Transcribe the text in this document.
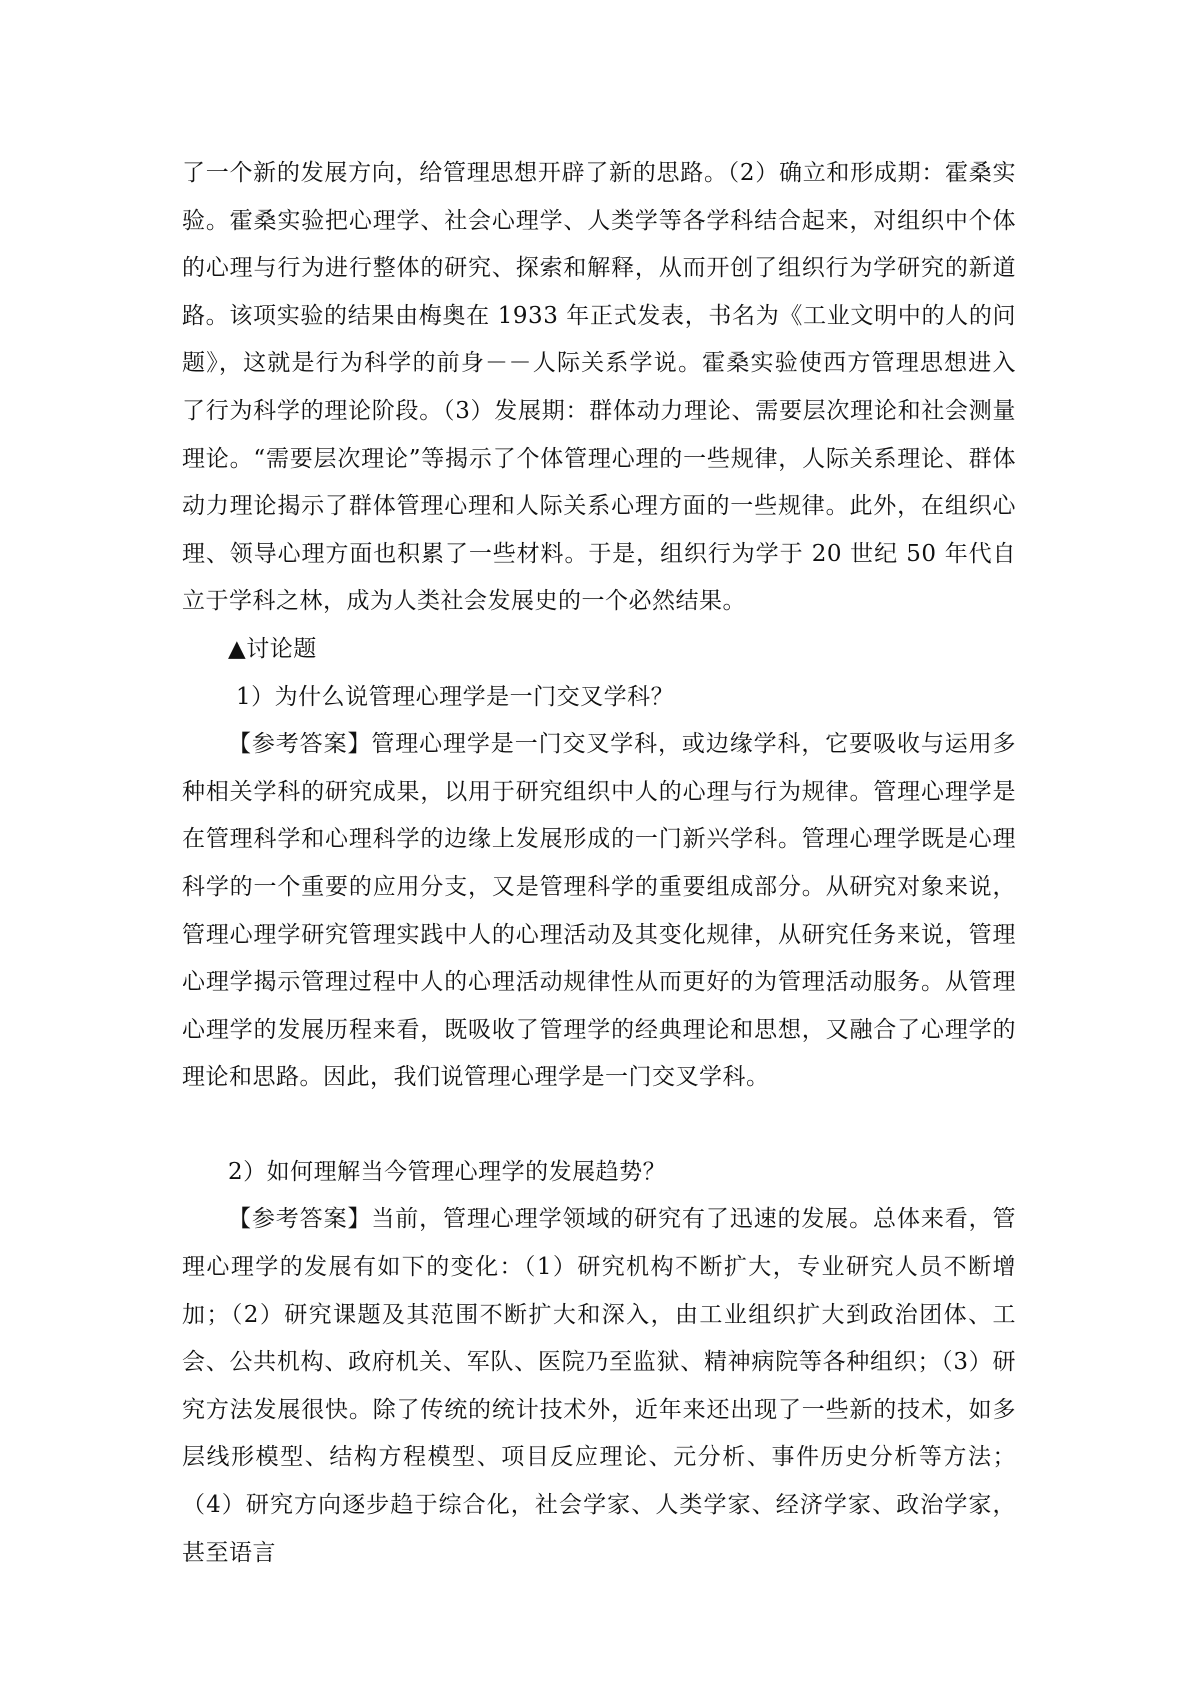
了一个新的发展方向，给管理思想开辟了新的思路。（2）确立和形成期：霍桑实验。霍桑实验把心理学、社会心理学、人类学等各学科结合起来，对组织中个体的心理与行为进行整体的研究、探索和解释，从而开创了组织行为学研究的新道路。该项实验的结果由梅奥在 1933 年正式发表，书名为《工业文明中的人的问题》，这就是行为科学的前身－－人际关系学说。霍桑实验使西方管理思想进入了行为科学的理论阶段。（3）发展期：群体动力理论、需要层次理论和社会测量理论。“需要层次理论”等揭示了个体管理心理的一些规律，人际关系理论、群体动力理论揭示了群体管理心理和人际关系心理方面的一些规律。此外，在组织心理、领导心理方面也积累了一些材料。于是，组织行为学于 20 世纪 50 年代自立于学科之林，成为人类社会发展史的一个必然结果。

▲讨论题

1）为什么说管理心理学是一门交叉学科？

【参考答案】管理心理学是一门交叉学科，或边缘学科，它要吸收与运用多种相关学科的研究成果，以用于研究组织中人的心理与行为规律。管理心理学是在管理科学和心理科学的边缘上发展形成的一门新兴学科。管理心理学既是心理科学的一个重要的应用分支，又是管理科学的重要组成部分。从研究对象来说，管理心理学研究管理实践中人的心理活动及其变化规律，从研究任务来说，管理心理学揭示管理过程中人的心理活动规律性从而更好的为管理活动服务。从管理心理学的发展历程来看，既吸收了管理学的经典理论和思想，又融合了心理学的理论和思路。因此，我们说管理心理学是一门交叉学科。

2）如何理解当今管理心理学的发展趋势？

【参考答案】当前，管理心理学领域的研究有了迅速的发展。总体来看，管理心理学的发展有如下的变化：（1）研究机构不断扩大，专业研究人员不断增加；（2）研究课题及其范围不断扩大和深入，由工业组织扩大到政治团体、工会、公共机构、政府机关、军队、医院乃至监狱、精神病院等各种组织；（3）研究方法发展很快。除了传统的统计技术外，近年来还出现了一些新的技术，如多层线形模型、结构方程模型、项目反应理论、元分析、事件历史分析等方法；（4）研究方向逐步趋于综合化，社会学家、人类学家、经济学家、政治学家，甚至语言
